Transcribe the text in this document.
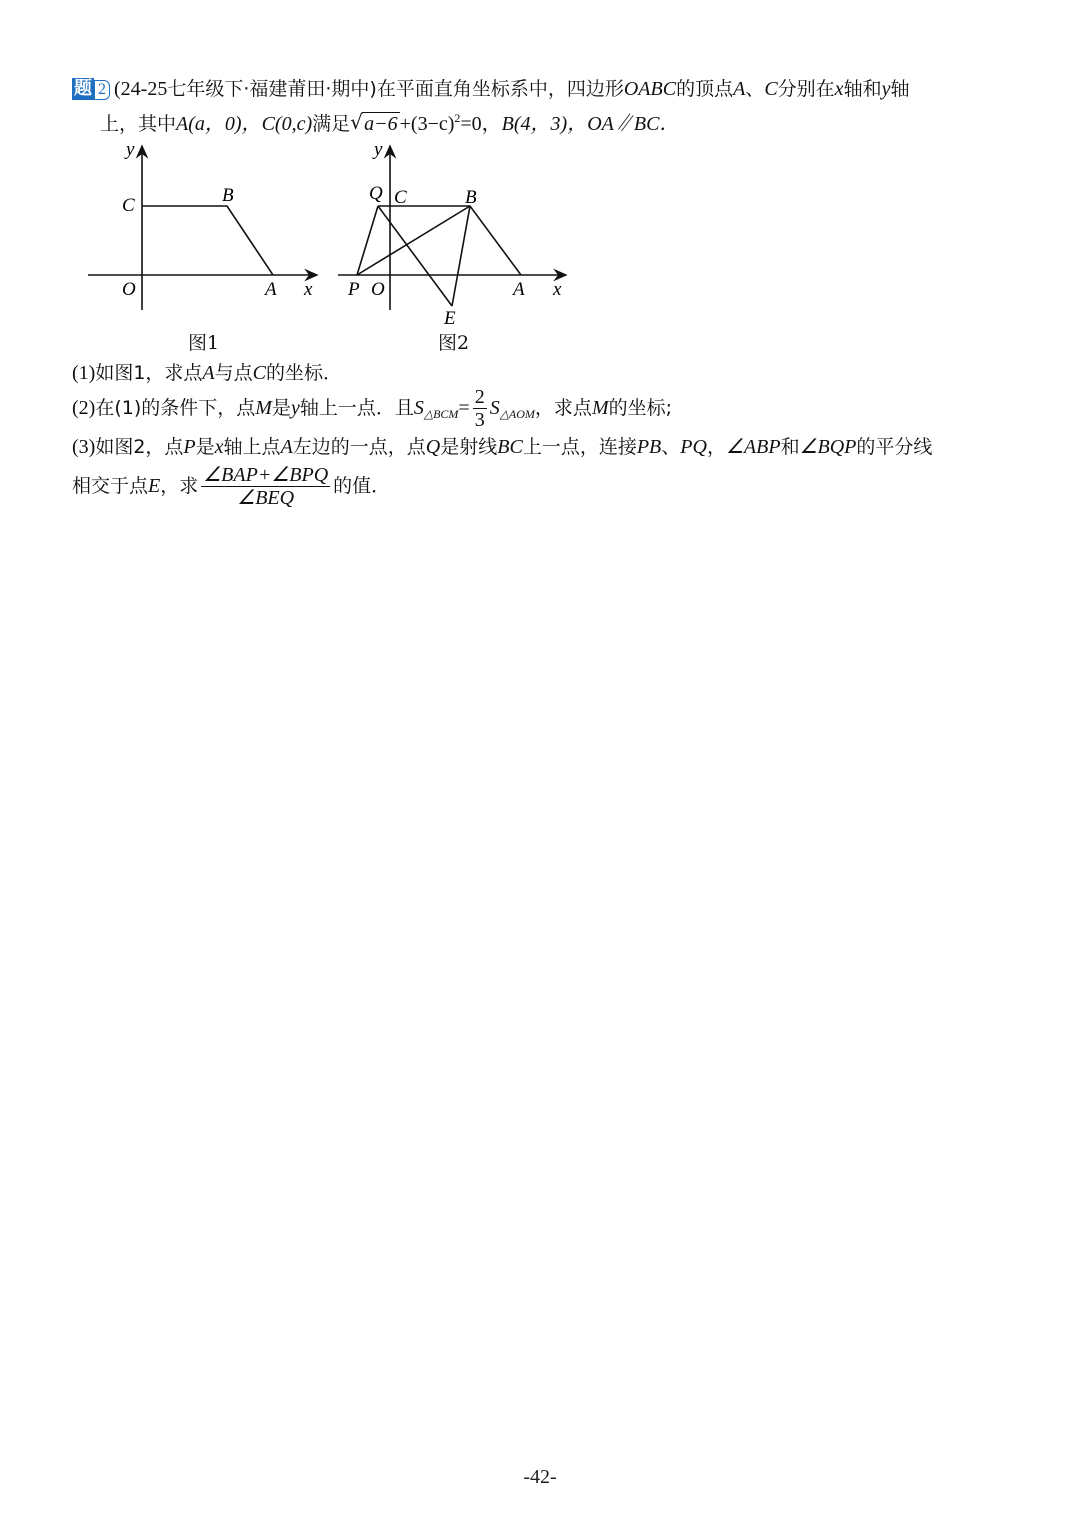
题 2 (24-25七年级下·福建莆田·期中)在平面直角坐标系中，四边形OABC的顶点A、C分别在x轴和y轴
上，其中A(a，0)，C(0,c)满足 √ $a-6 +(3-c)^2=0$，B(4，3)，OA∥BC．
y
C	B
O	A x
图1
y
Q C	B
P O	A x
E
图2
(1)如图1，求点A与点C的坐标．
(2)在(1)的条件下，点M是y轴上一点．且$S_{\triangle BCM}= \frac{2}{3} S_{\triangle AOM}$，求点M的坐标;
(3)如图2，点P是x轴上点A左边的一点，点Q是射线BC上一点，连接PB、PQ，∠ABP和∠BQP的平分线
相交于点E，求 $\frac{\text{∠BAP+∠BPQ}}{\text{∠BEQ}}$ 的值．
-42-
